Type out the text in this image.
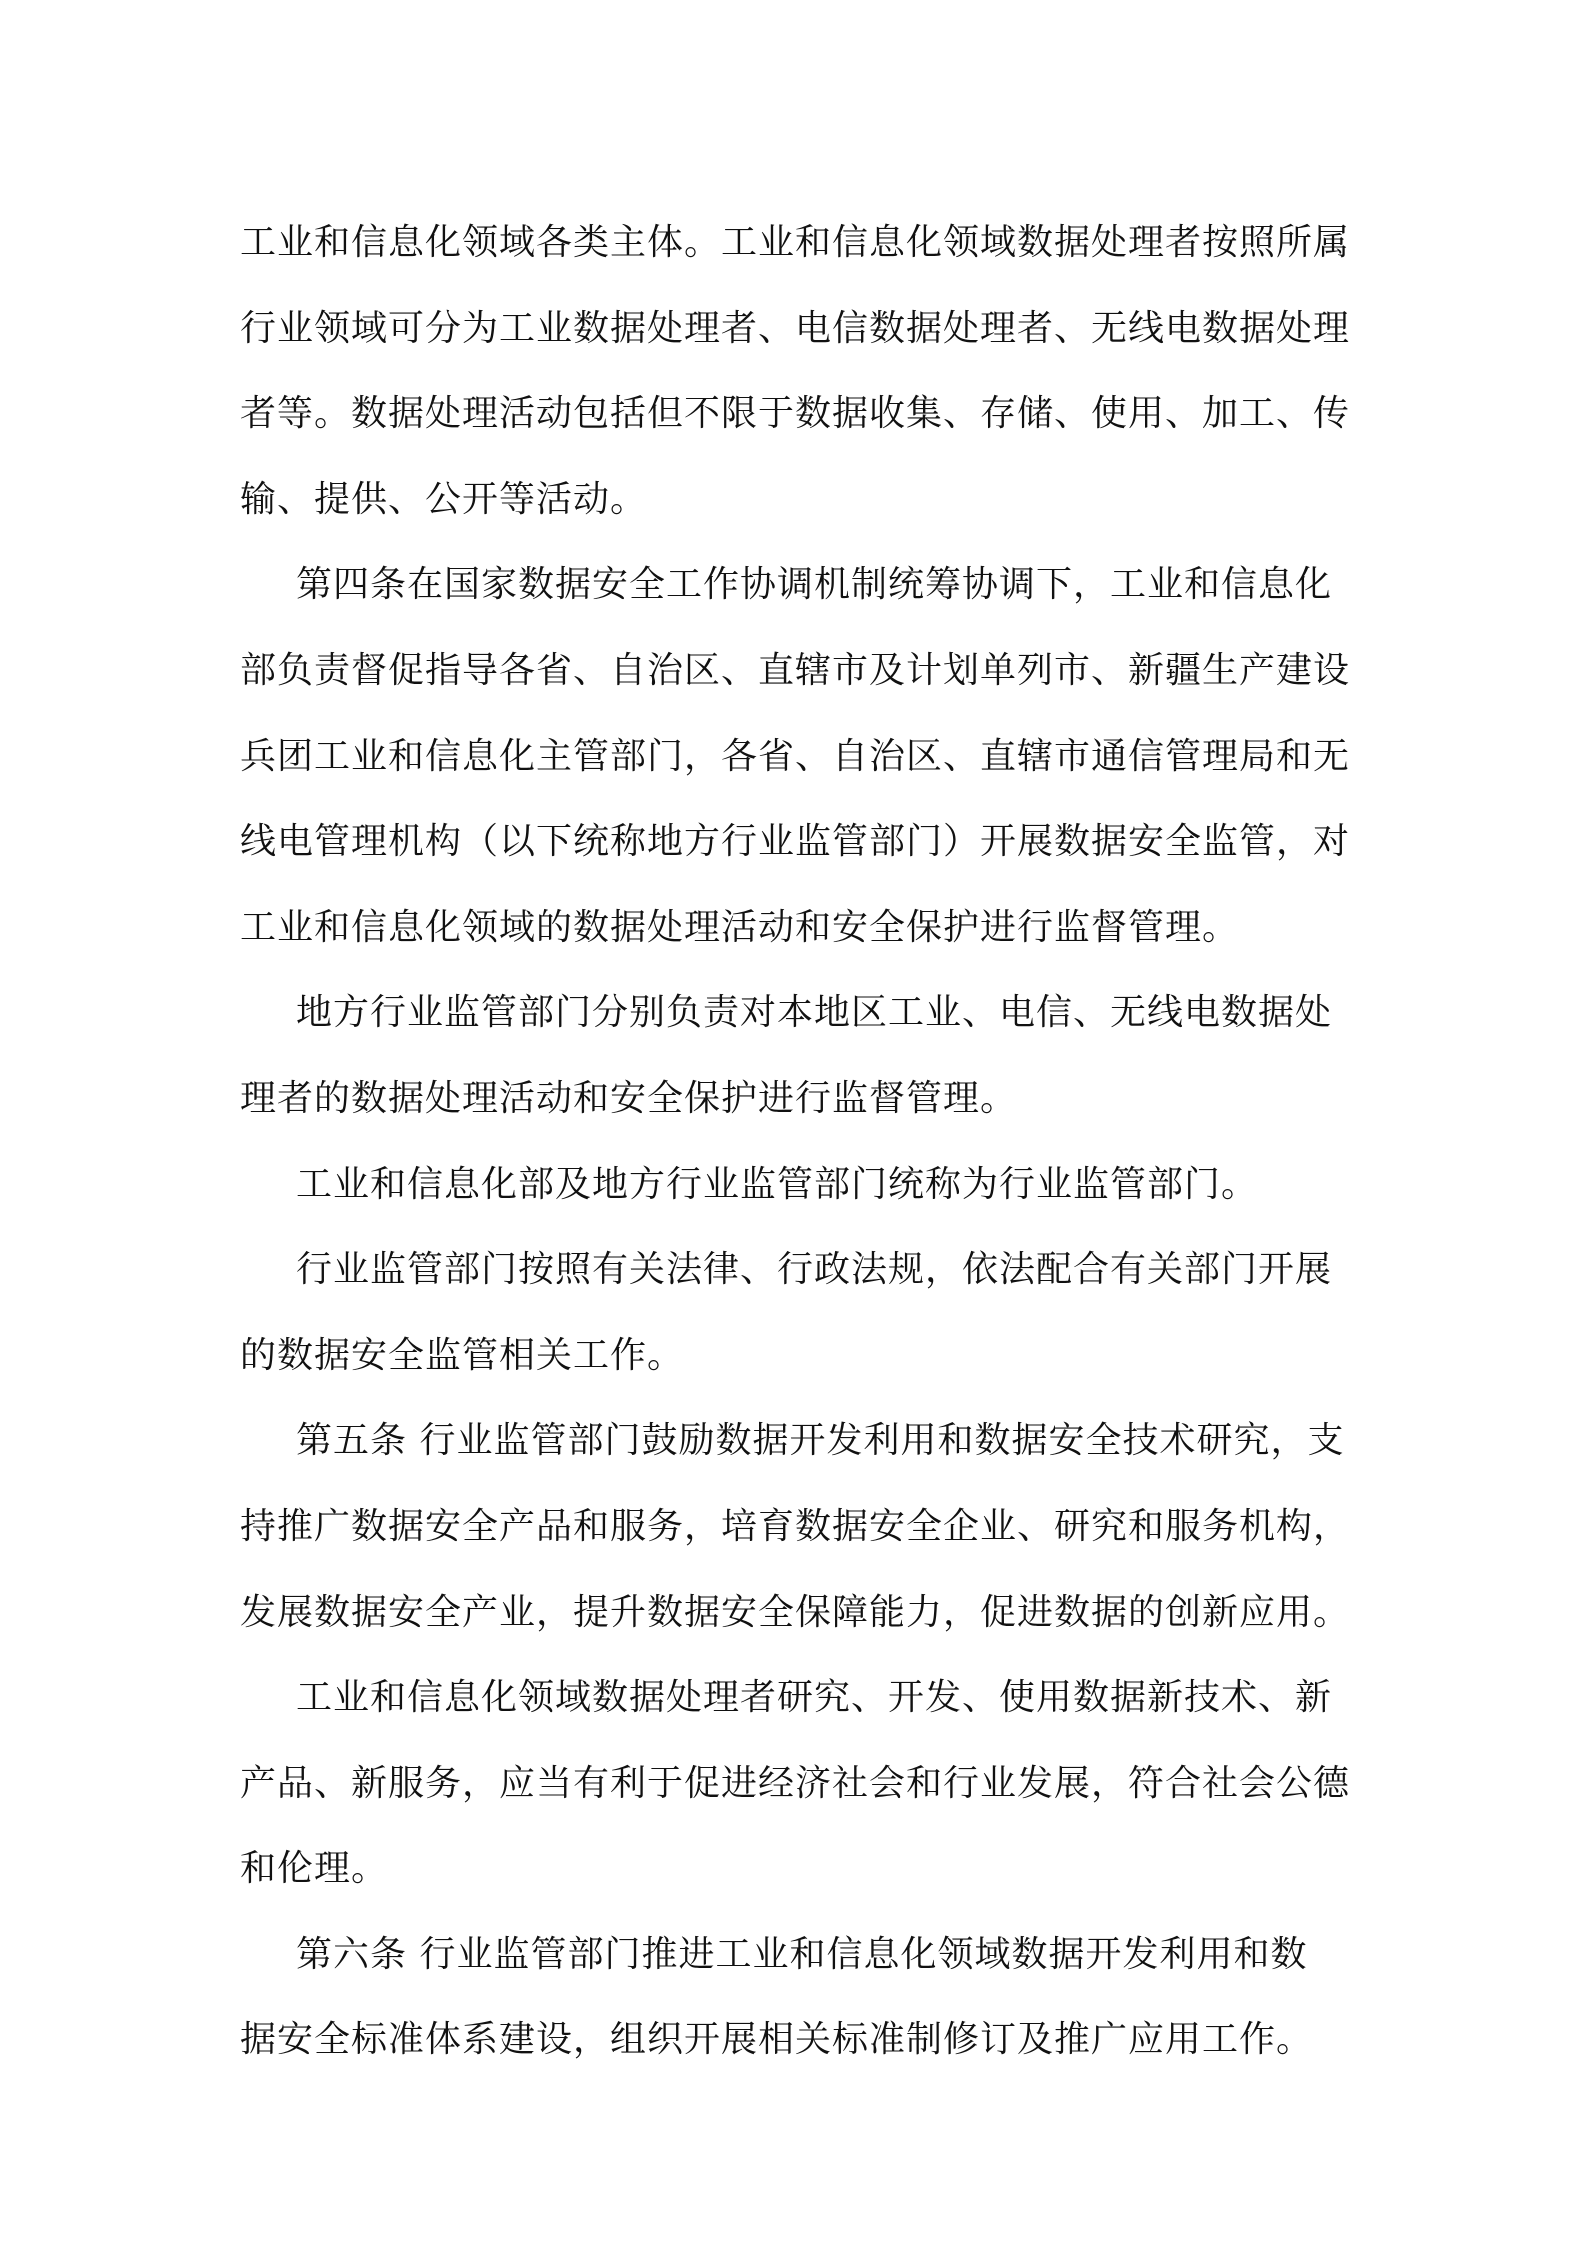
工业和信息化领域各类主体。工业和信息化领域数据处理者按照所属
行业领域可分为工业数据处理者、电信数据处理者、无线电数据处理
者等。数据处理活动包括但不限于数据收集、存储、使用、加工、传
输、提供、公开等活动。
第四条在国家数据安全工作协调机制统筹协调下，工业和信息化
部负责督促指导各省、自治区、直辖市及计划单列市、新疆生产建设
兵团工业和信息化主管部门，各省、自治区、直辖市通信管理局和无
线电管理机构（以下统称地方行业监管部门）开展数据安全监管，对
工业和信息化领域的数据处理活动和安全保护进行监督管理。
地方行业监管部门分别负责对本地区工业、电信、无线电数据处
理者的数据处理活动和安全保护进行监督管理。
工业和信息化部及地方行业监管部门统称为行业监管部门。
行业监管部门按照有关法律、行政法规，依法配合有关部门开展
的数据安全监管相关工作。
第五条 行业监管部门鼓励数据开发利用和数据安全技术研究，支
持推广数据安全产品和服务，培育数据安全企业、研究和服务机构，
发展数据安全产业，提升数据安全保障能力，促进数据的创新应用。
工业和信息化领域数据处理者研究、开发、使用数据新技术、新
产品、新服务，应当有利于促进经济社会和行业发展，符合社会公德
和伦理。
第六条 行业监管部门推进工业和信息化领域数据开发利用和数
据安全标准体系建设，组织开展相关标准制修订及推广应用工作。
